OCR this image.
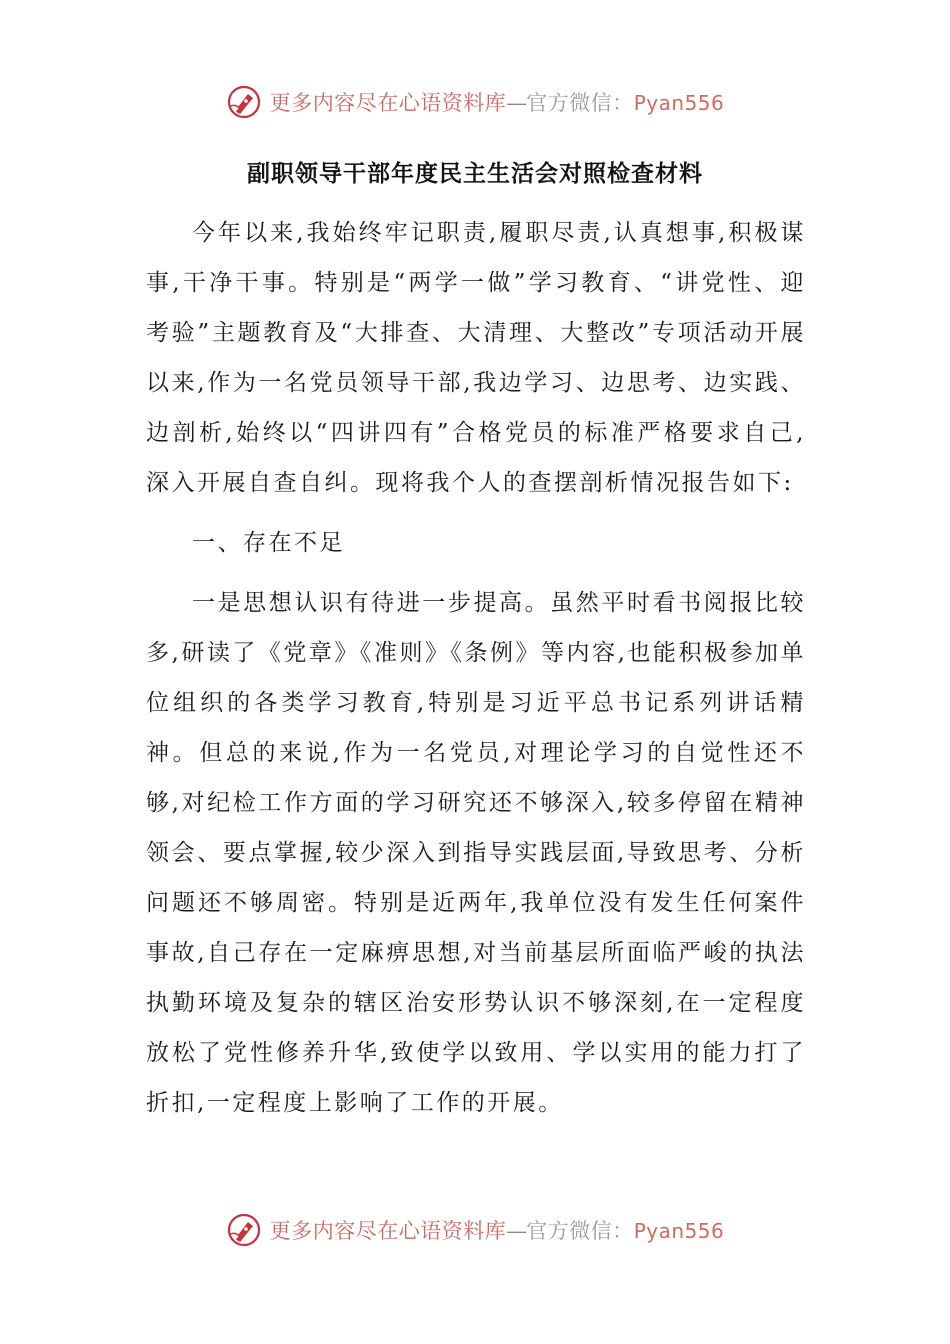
更多内容尽在心语资料库—官方微信：Pyan556
副职领导干部年度民主生活会对照检查材料

今年以来,我始终牢记职责,履职尽责,认真想事,积极谋事,干净干事。特别是“两学一做”学习教育、“讲党性、迎考验”主题教育及“大排查、大清理、大整改”专项活动开展以来,作为一名党员领导干部,我边学习、边思考、边实践、边剖析,始终以“四讲四有”合格党员的标准严格要求自己,深入开展自查自纠。现将我个人的查摆剖析情况报告如下:

一、存在不足

一是思想认识有待进一步提高。虽然平时看书阅报比较多,研读了《党章》《准则》《条例》等内容,也能积极参加单位组织的各类学习教育,特别是习近平总书记系列讲话精神。但总的来说,作为一名党员,对理论学习的自觉性还不够,对纪检工作方面的学习研究还不够深入,较多停留在精神领会、要点掌握,较少深入到指导实践层面,导致思考、分析问题还不够周密。特别是近两年,我单位没有发生任何案件事故,自己存在一定麻痹思想,对当前基层所面临严峻的执法执勤环境及复杂的辖区治安形势认识不够深刻,在一定程度放松了党性修养升华,致使学以致用、学以实用的能力打了折扣,一定程度上影响了工作的开展。

更多内容尽在心语资料库—官方微信：Pyan556
